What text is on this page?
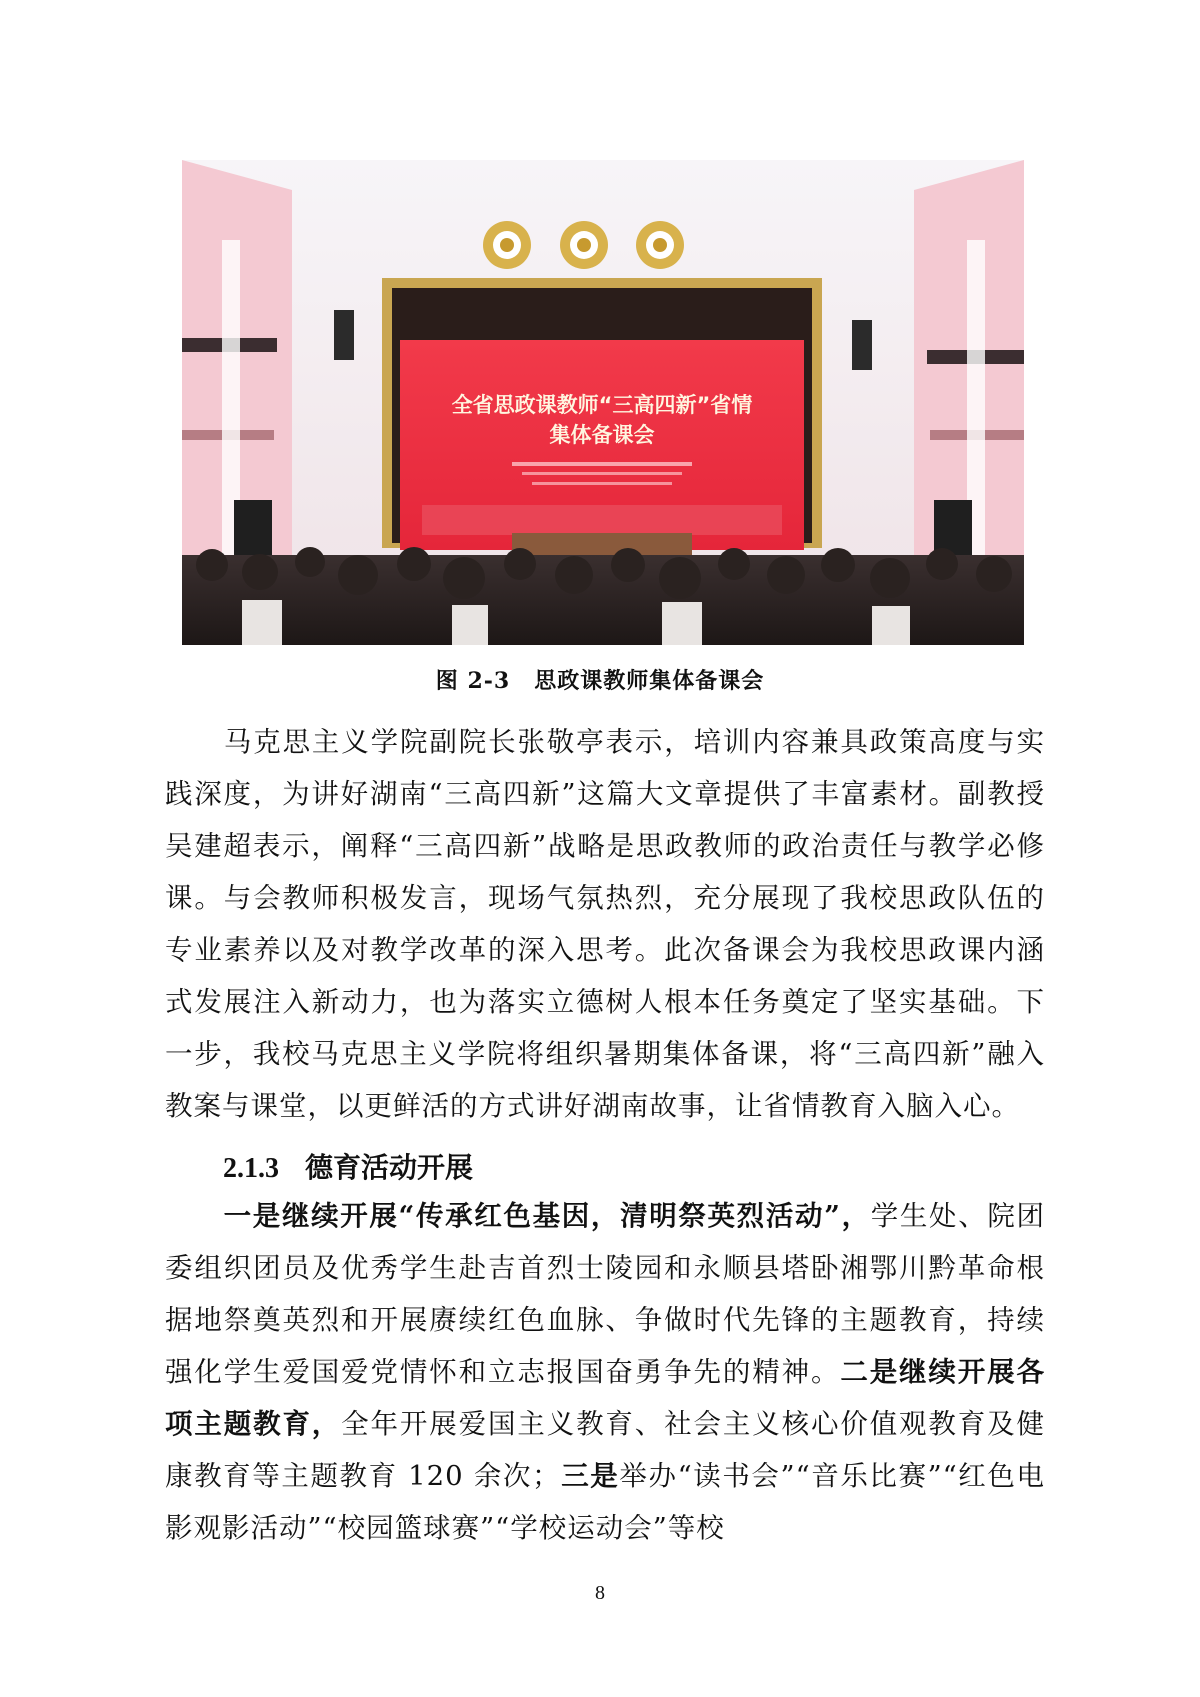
全省思政课教师“三高四新”省情
集体备课会
图 2-3 思政课教师集体备课会
马克思主义学院副院长张敬亭表示，培训内容兼具政策高度与实践深度，为讲好湖南“三高四新”这篇大文章提供了丰富素材。副教授吴建超表示，阐释“三高四新”战略是思政教师的政治责任与教学必修课。与会教师积极发言，现场气氛热烈，充分展现了我校思政队伍的专业素养以及对教学改革的深入思考。此次备课会为我校思政课内涵式发展注入新动力，也为落实立德树人根本任务奠定了坚实基础。下一步，我校马克思主义学院将组织暑期集体备课，将“三高四新”融入教案与课堂，以更鲜活的方式讲好湖南故事，让省情教育入脑入心。
2.1.3 德育活动开展
一是继续开展“传承红色基因，清明祭英烈活动”，学生处、院团委组织团员及优秀学生赴吉首烈士陵园和永顺县塔卧湘鄂川黔革命根据地祭奠英烈和开展赓续红色血脉、争做时代先锋的主题教育，持续强化学生爱国爱党情怀和立志报国奋勇争先的精神。二是继续开展各项主题教育，全年开展爱国主义教育、社会主义核心价值观教育及健康教育等主题教育 120 余次；三是举办“读书会”“音乐比赛”“红色电影观影活动”“校园篮球赛”“学校运动会”等校
8
